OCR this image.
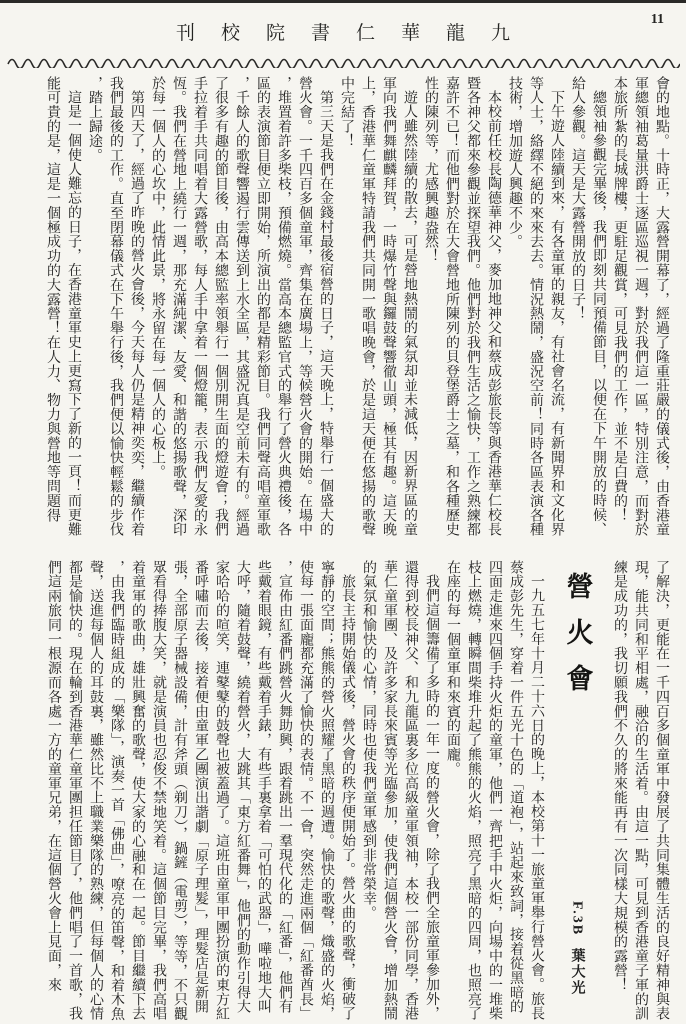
刊校院書仁華龍九
11

會的地點。十時正，大露營開幕了，經過了隆重莊嚴的儀式後，由香港童軍總領袖葛量洪爵士逐區巡視一週，對於我們這一區，特別注意，而對於本旅所紮的長城牌樓，更駐足觀賞，可見我們的工作，並不是白費的！

總領袖參觀完畢後，我們即刻共同預備節目，以便在下午開放的時候、給人參觀。這天是大露營開放的日子！

下午遊人陸續到來，有各童軍的親友，有社會名流，有新聞界和文化界等人士，絡繹不絕的來來去去。情況熱鬧，盛況空前！同時各區表演各種技術，增加遊人興趣不少。

本校前任校長陶德華神父，麥加地神父和蔡成彭旅長等與香港華仁校長暨各神父都來參觀並探望我們。他們對於我們生活之愉快，工作之熟練都嘉許不已！而他們對於在大會營地所陳列的貝登堡爵士之墓，和各種歷史性的陳列等，尤感興趣盎然！

遊人雖然陸續的散去，可是營地熱鬧的氣氛却並未減低，因新界區的童軍向我們舞麒麟拜賀，一時爆竹聲與鑼鼓聲響徹山頭，極其有趣。這天晚上，香港華仁童軍特請我們共同開一歌唱晚會，於是這天便在悠揚的歌聲中完結了！

第三天是我們在金錢村最後宿營的日子，這天晚上，特舉行一個盛大的營火會。一千四百多個童軍，齊集在廣場上，等候營火會的開始。在場中，堆置着許多柴枝，預備燃燒。當高本總監官式的舉行了營火典禮後，各區的表演節目便立即開始，所演出的都是精彩節目。我們同聲高唱童軍歌，千餘人的歌聲響遏行雲傳送到上水全區，其盛況真是空前未有的。經過了很多有趣的節目後，由高本總監率領舉行一個別開生面的燈遊會；我們手拉着手共同唱着大露營歌，每人手中拿着一個燈籠，表示我們友愛的永恆。我們在營地上繞行一週，那充滿純潔、友愛、和諧的悠揚歌聲，深印於每一個人的心坎中，此情此景，將永留在每一個人的心板上。

第四天了，經過了昨晚的營火會後，今天每人仍是精神奕奕，繼續作着我們最後的工作。直至閉幕儀式在下午舉行後，我們便以愉快輕鬆的步伐，踏上歸途。

這是一個使人難忘的日子，在香港童軍史上更寫下了新的一頁！而更難能可貴的是，這是一個極成功的大露營！在人力、物力與營地等問題得

了解決，更能在一千四百多個童軍中發展了共同集體生活的良好精神與表現，能共同和平相處，融洽的生活着。由這一點，可見到香港童子軍的訓練是成功的，我切願我們不久的將來能再有一次同樣大規模的露營！

營火會
F.3B葉大光

一九五七年十月二十六日的晚上，本校第十一旅童軍舉行營火會。旅長蔡成彭先生，穿着一件五光十色的「道袍」，站起來致詞，接着從黑暗的四面走進來四個手持火炬的童軍，他們一齊把手中火炬，向場中的一堆柴枝上燃燒，轉瞬間柴堆升起了熊熊的火焰，照亮了黑暗的四周，也照亮了在座的每一個童軍和來賓的面龐。

我們這個籌備了多時的一年一度的營火會，除了我們全旅童軍參加外，還得到校長神父、和九龍區裏多位高級童軍領袖，本校一部份同學，香港華仁童軍團、及許多家長來賓等光臨參加，使我們這個營火會，增加熱鬧的氣氛和愉快的心情，同時也使我們童軍感到非常榮幸。

旅長主持開始儀式後，營火會的秩序便開始了。營火曲的歌聲，衝破了寧靜的空間；熊熊的營火照耀了黑暗的週遭。愉快的歌聲，熾盛的火焰，使每一張面龐都充滿了愉快的表情。不一會，突然走進兩個「紅番酋長」，宣佈由紅番們跳營火舞助興，跟着跳出一羣現代化的「紅番」，他們有些戴着眼鏡，有些戴着手錶，有些手裏拿着「可怕的武器」，嘩啦地大叫大呼，隨着鼓聲，繞着營火，大跳其「東方紅番舞」，他們的動作引得大家哈哈的喧笑，連鼕鼕的鼓聲也被蓋過了。這班由童軍甲團扮演的東方紅番呼嘯而去後，接着便由童軍乙團演出諧劇「原子理髮」，理髮店是新開張，全部原子器械設備，計有斧頭（剃刀），鍋鏟（電剪），等等，不只觀眾看得捧腹大笑，就是演員也忍俊不禁地笑着。這個節目完畢，我們高唱着童軍的歌曲，雄壯興奮的歌聲，使大家的心融和在一起。節目繼續下去，由我們臨時組成的「樂隊」，演奏一首「佛曲」，嘹亮的笛聲，和着木魚聲，送進每個人的耳鼓裏，雖然比不上職業樂隊的熟練，但每個人的心情都是愉快的。現在輪到香港華仁童軍團担任節目了，他們唱了一首歌，我們這兩旅同一根源而各處一方的童軍兄弟，在這個營火會上見面，來
